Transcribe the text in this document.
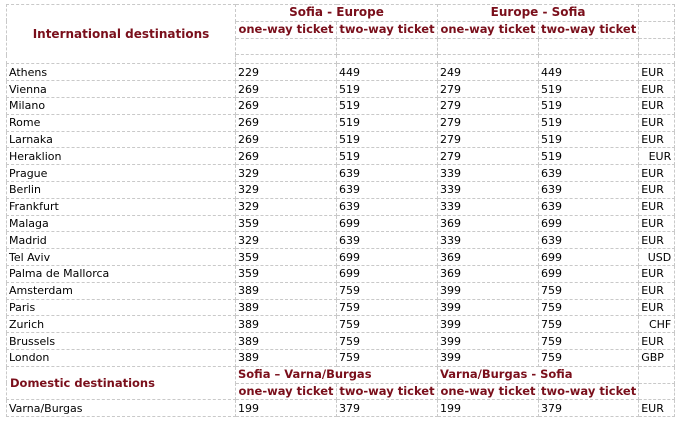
International destinations	Sofia - Europe		Europe - Sofia		
	one-way ticket	two-way ticket	one-way ticket	two-way ticket	

Athens	229	449	249	449	EUR
Vienna	269	519	279	519	EUR
Milano	269	519	279	519	EUR
Rome	269	519	279	519	EUR
Larnaka	269	519	279	519	EUR
Heraklion	269	519	279	519	EUR
Prague	329	639	339	639	EUR
Berlin	329	639	339	639	EUR
Frankfurt	329	639	339	639	EUR
Malaga	359	699	369	699	EUR
Madrid	329	639	339	639	EUR
Tel Aviv	359	699	369	699	USD
Palma de Mallorca	359	699	369	699	EUR
Amsterdam	389	759	399	759	EUR
Paris	389	759	399	759	EUR
Zurich	389	759	399	759	CHF
Brussels	389	759	399	759	EUR
London	389	759	399	759	GBP
Domestic destinations	Sofia – Varna/Burgas		Varna/Burgas - Sofia		
	one-way ticket	two-way ticket	one-way ticket	two-way ticket	
Varna/Burgas	199	379	199	379	EUR
